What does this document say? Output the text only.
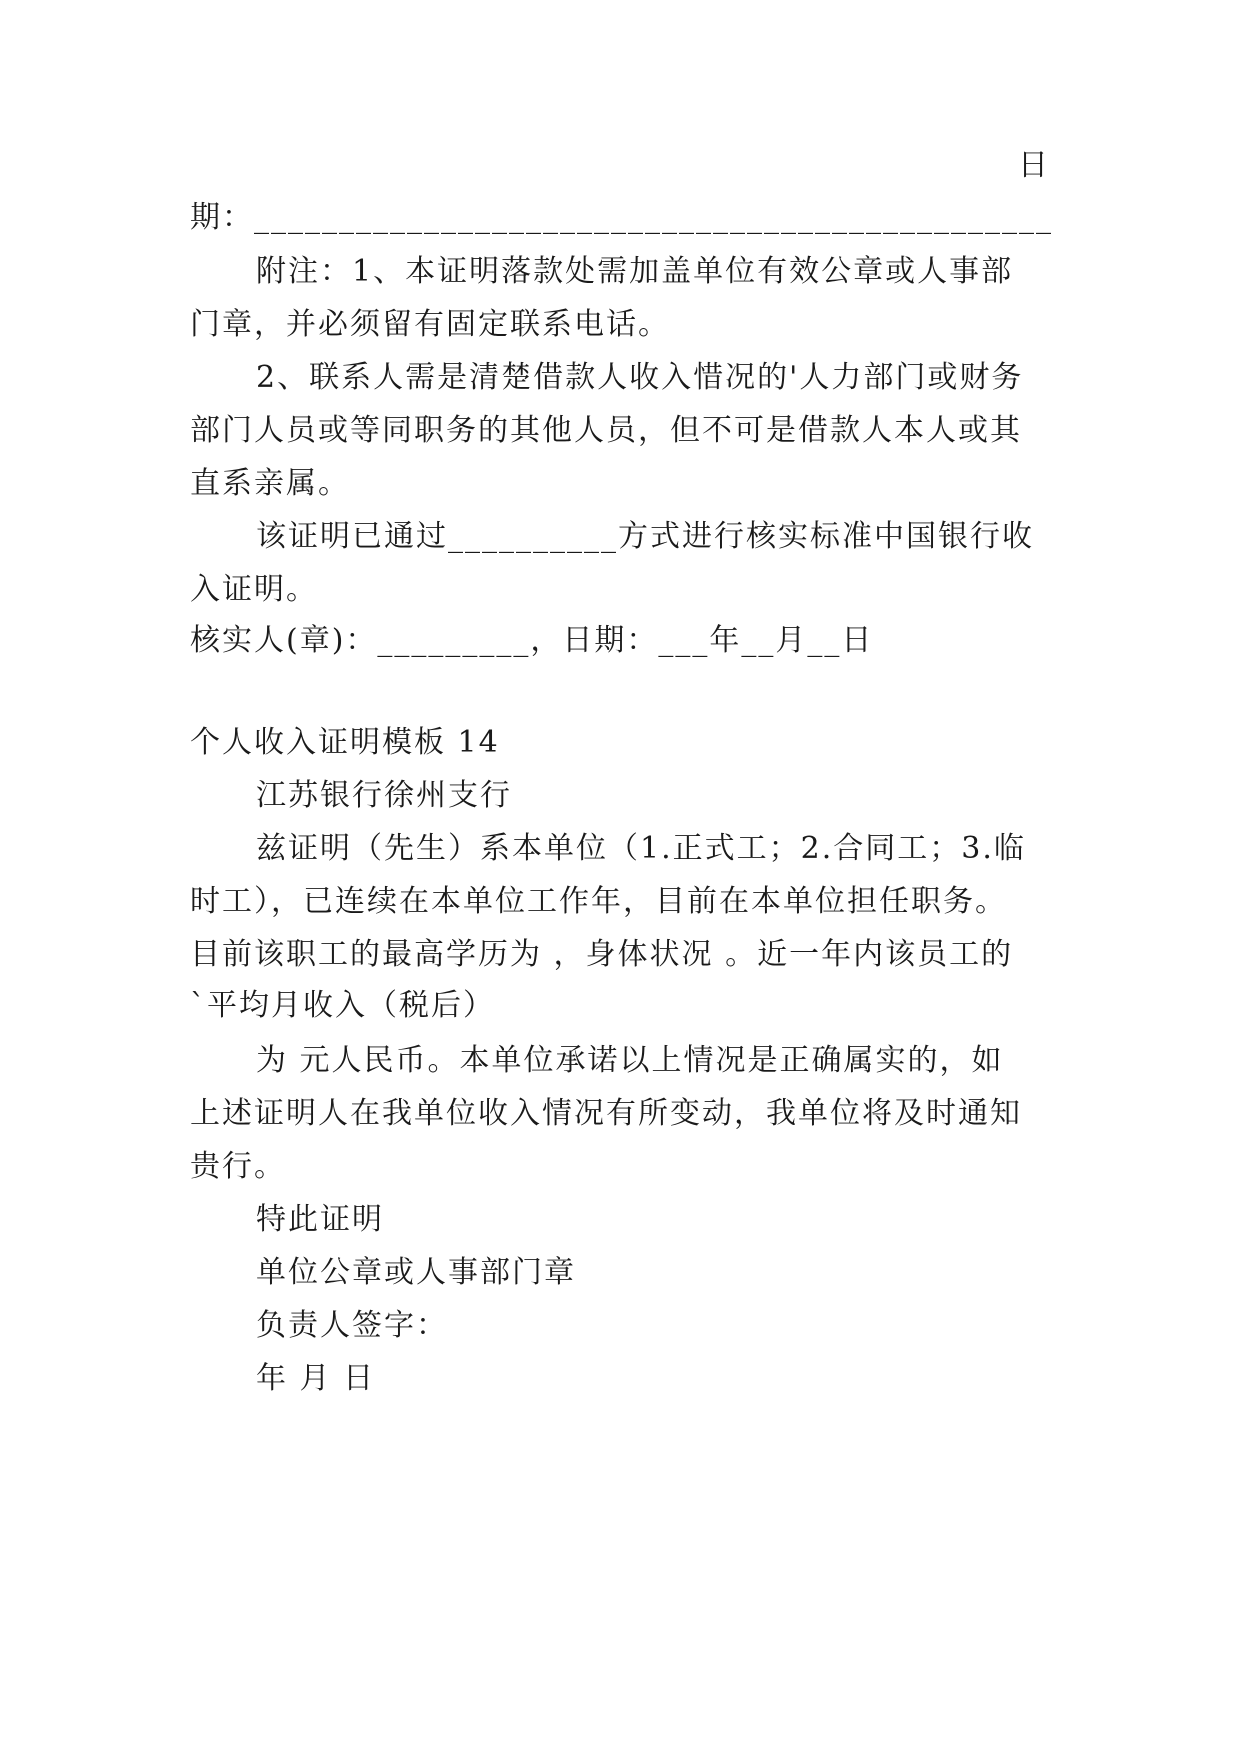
日
期：_______________________________________________
附注：1、本证明落款处需加盖单位有效公章或人事部
门章，并必须留有固定联系电话。
2、联系人需是清楚借款人收入惜况的'人力部门或财务
部门人员或等同职务的其他人员，但不可是借款人本人或其
直系亲属。
该证明已通过__________方式进行核实标准中国银行收
入证明。
核实人(章)：_________，日期：___年__月__日
个人收入证明模板 14
江苏银行徐州支行
兹证明（先生）系本单位（1.正式工；2.合同工；3.临
时工），已连续在本单位工作年，目前在本单位担任职务。
目前该职工的最高学历为 ，身体状况 。近一年内该员工的
`平均月收入（税后）
为 元人民币。本单位承诺以上情况是正确属实的，如
上述证明人在我单位收入情况有所变动，我单位将及时通知
贵行。
特此证明
单位公章或人事部门章
负责人签字：
年 月 日
